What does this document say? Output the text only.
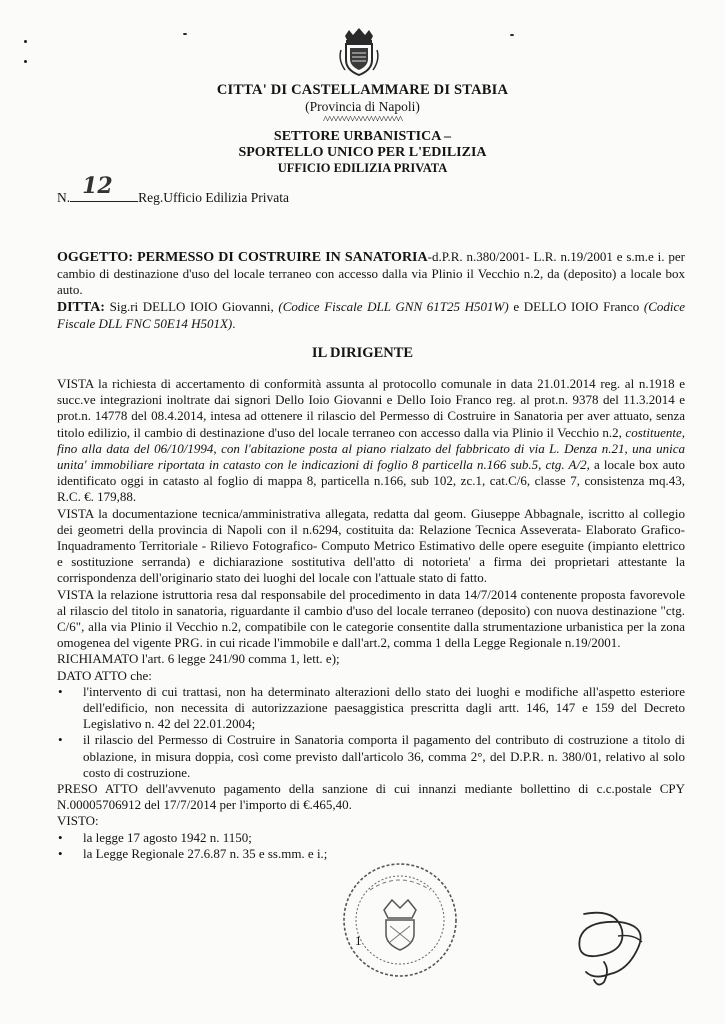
CITTA' DI CASTELLAMMARE DI STABIA
(Provincia di Napoli)
^^^^^^^^^^^^^^^^^^^
SETTORE URBANISTICA –
SPORTELLO UNICO PER L'EDILIZIA
UFFICIO EDILIZIA PRIVATA
N. 12 Reg.Ufficio Edilizia Privata

OGGETTO: PERMESSO DI COSTRUIRE IN SANATORIA-d.P.R. n.380/2001- L.R. n.19/2001 e s.m.e i. per cambio di destinazione d'uso del locale terraneo con accesso dalla via Plinio il Vecchio n.2, da (deposito) a locale box auto.

DITTA: Sig.ri DELLO IOIO Giovanni, (Codice Fiscale DLL GNN 61T25 H501W) e DELLO IOIO Franco (Codice Fiscale DLL FNC 50E14 H501X).

IL DIRIGENTE

VISTA la richiesta di accertamento di conformità assunta al protocollo comunale in data 21.01.2014 reg. al n.1918 e succ.ve integrazioni inoltrate dai signori Dello Ioio Giovanni e Dello Ioio Franco reg. al prot.n. 9378 del 11.3.2014 e prot.n. 14778 del 08.4.2014, intesa ad ottenere il rilascio del Permesso di Costruire in Sanatoria per aver attuato, senza titolo edilizio, il cambio di destinazione d'uso del locale terraneo con accesso dalla via Plinio il Vecchio n.2, costituente, fino alla data del 06/10/1994, con l'abitazione posta al piano rialzato del fabbricato di via L. Denza n.21, una unica unita' immobiliare riportata in catasto con le indicazioni di foglio 8 particella n.166 sub.5, ctg. A/2, a locale box auto identificato oggi in catasto al foglio di mappa 8, particella n.166, sub 102, zc.1, cat.C/6, classe 7, consistenza mq.43, R.C. €. 179,88.

VISTA la documentazione tecnica/amministrativa allegata, redatta dal geom. Giuseppe Abbagnale, iscritto al collegio dei geometri della provincia di Napoli con il n.6294, costituita da: Relazione Tecnica Asseverata- Elaborato Grafico- Inquadramento Territoriale - Rilievo Fotografico- Computo Metrico Estimativo delle opere eseguite (impianto elettrico e sostituzione serranda) e dichiarazione sostitutiva dell'atto di notorieta' a firma dei proprietari attestante la corrispondenza dell'originario stato dei luoghi del locale con l'attuale stato di fatto.

VISTA la relazione istruttoria resa dal responsabile del procedimento in data 14/7/2014 contenente proposta favorevole al rilascio del titolo in sanatoria, riguardante il cambio d'uso del locale terraneo (deposito) con nuova destinazione "ctg. C/6", alla via Plinio il Vecchio n.2, compatibile con le categorie consentite dalla strumentazione urbanistica per la zona omogenea del vigente PRG. in cui ricade l'immobile e dall'art.2, comma 1 della Legge Regionale n.19/2001.

RICHIAMATO l'art. 6 legge 241/90 comma 1, lett. e);

DATO ATTO che:

• l'intervento di cui trattasi, non ha determinato alterazioni dello stato dei luoghi e modifiche all'aspetto esteriore dell'edificio, non necessita di autorizzazione paesaggistica prescritta dagli artt. 146, 147 e 159 del Decreto Legislativo n. 42 del 22.01.2004;
• il rilascio del Permesso di Costruire in Sanatoria comporta il pagamento del contributo di costruzione a titolo di oblazione, in misura doppia, così come previsto dall'articolo 36, comma 2°, del D.P.R. n. 380/01, relativo al solo costo di costruzione.

PRESO ATTO dell'avvenuto pagamento della sanzione di cui innanzi mediante bollettino di c.c.postale CPY N.00005706912 del 17/7/2014 per l'importo di €.465,40.

VISTO:

• la legge 17 agosto 1942 n. 1150;
• la Legge Regionale 27.6.87 n. 35 e ss.mm. e i.;
1
